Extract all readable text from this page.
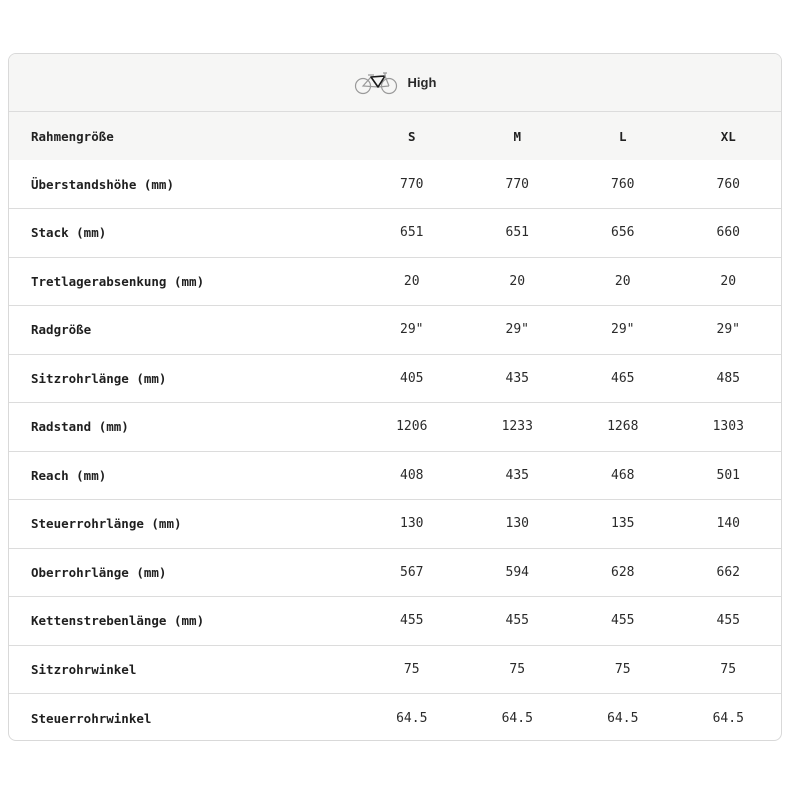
High
Rahmengröße	S	M	L	XL
Überstandshöhe (mm)	770	770	760	760
Stack (mm)	651	651	656	660
Tretlagerabsenkung (mm)	20	20	20	20
Radgröße	29"	29"	29"	29"
Sitzrohrlänge (mm)	405	435	465	485
Radstand (mm)	1206	1233	1268	1303
Reach (mm)	408	435	468	501
Steuerrohrlänge (mm)	130	130	135	140
Oberrohrlänge (mm)	567	594	628	662
Kettenstrebenlänge (mm)	455	455	455	455
Sitzrohrwinkel	75	75	75	75
Steuerrohrwinkel	64.5	64.5	64.5	64.5
